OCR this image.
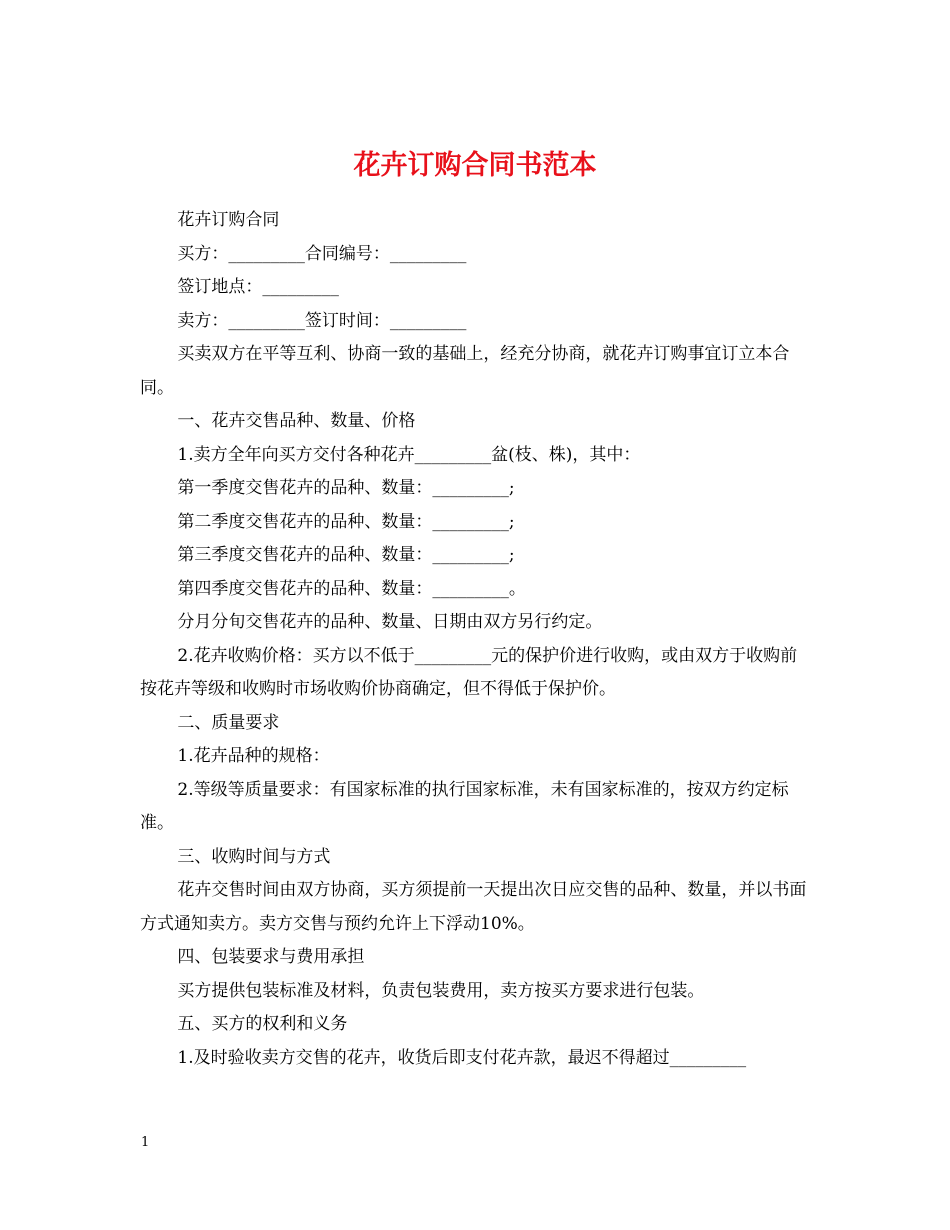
花卉订购合同书范本

花卉订购合同

买方：_________合同编号：_________

签订地点：_________

卖方：_________签订时间：_________

买卖双方在平等互利、协商一致的基础上，经充分协商，就花卉订购事宜订立本合同。

一、花卉交售品种、数量、价格

1.卖方全年向买方交付各种花卉_________盆(枝、株)，其中：

第一季度交售花卉的品种、数量：_________;

第二季度交售花卉的品种、数量：_________;

第三季度交售花卉的品种、数量：_________;

第四季度交售花卉的品种、数量：_________。

分月分旬交售花卉的品种、数量、日期由双方另行约定。

2.花卉收购价格：买方以不低于_________元的保护价进行收购，或由双方于收购前按花卉等级和收购时市场收购价协商确定，但不得低于保护价。

二、质量要求

1.花卉品种的规格：

2.等级等质量要求：有国家标准的执行国家标准，未有国家标准的，按双方约定标准。

三、收购时间与方式

花卉交售时间由双方协商，买方须提前一天提出次日应交售的品种、数量，并以书面方式通知卖方。卖方交售与预约允许上下浮动10%。

四、包装要求与费用承担

买方提供包装标准及材料，负责包装费用，卖方按买方要求进行包装。

五、买方的权利和义务

1.及时验收卖方交售的花卉，收货后即支付花卉款，最迟不得超过_________

1
